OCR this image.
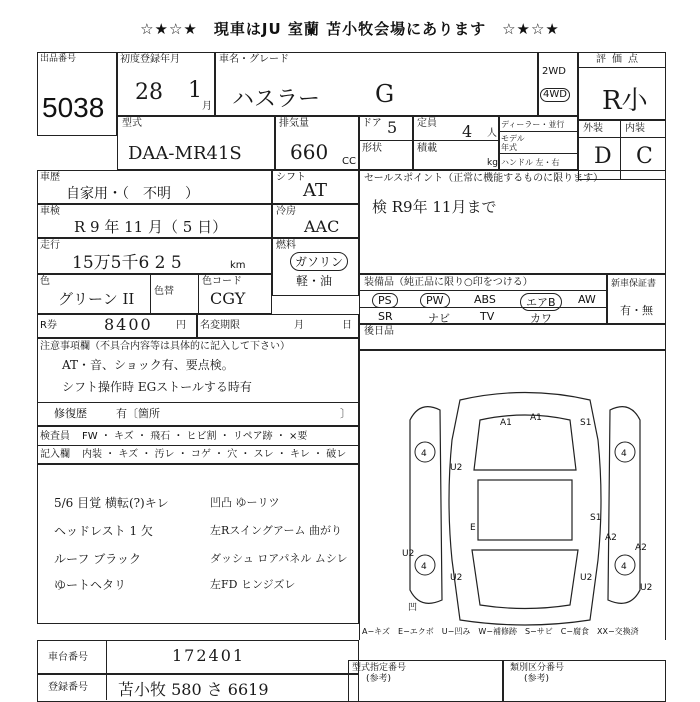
☆★☆★　現車はJU 室蘭 苫小牧会場にあります　☆★☆★
出品番号
5038
初度登録年月
28 1
月
車名・グレード
ハスラー G
2WD
4WD
評価点
R小
型式
DAA-MR41S
排気量
660 CC
ドア 5
形状
定員 4 人
積載
kg
ディーラー・並行
モデル年式
ハンドル 左・右
外装 内装
D C
車歴
自家用・（　不明　）
シフト
AT
セールスポイント（正常に機能するものに限ります）
検 R9年 11月まで
車検
R 9 年 11 月（ 5 日）
冷房
AAC
走行
15万5千6 2 5	km
燃料
ガソリン
軽・油
色
グリーン II 色替
色コード
CGY
装備品（純正品に限り○印をつける）
PS	PW	ABS	エアB	AW
SR	ナビ	TV	カワ
新車保証書
有・無
R券	8400 円 名変期限	月	日
後日品
注意事項欄（不具合内容等は具体的に記入して下さい）
AT・音、ショック有、要点検。
シフト操作時 EGストールする時有
修復歴	有〔箇所	〕
検査員 FW ・ キズ ・ 飛石 ・ ヒビ割 ・ リペア跡 ・ ×要
記入欄 内装 ・ キズ ・ 汚レ ・ コゲ ・ 穴 ・ スレ ・ キレ ・ 破レ
5/6 目覚 横転(?)キレ
ヘッドレスト 1 欠
ルーフ ブラック
ゆートヘタリ
凹凸 ゆーリツ
左Rスイングアーム 曲がり
ダッシュ ロアパネル ムシレ
左FD ヒンジズレ
4	4
4	4
A1 A1	S1
E
U2
A2
U2
U2	U2
A2
U2
S1
凹
A−キズ　E−エクボ　U−凹み　W−補修跡　S−サビ　C−腐食　XX−交換済
車台番号	172401
登録番号 苫小牧 580 さ 6619
型式指定番号
(参考)
類別区分番号
(参考)
